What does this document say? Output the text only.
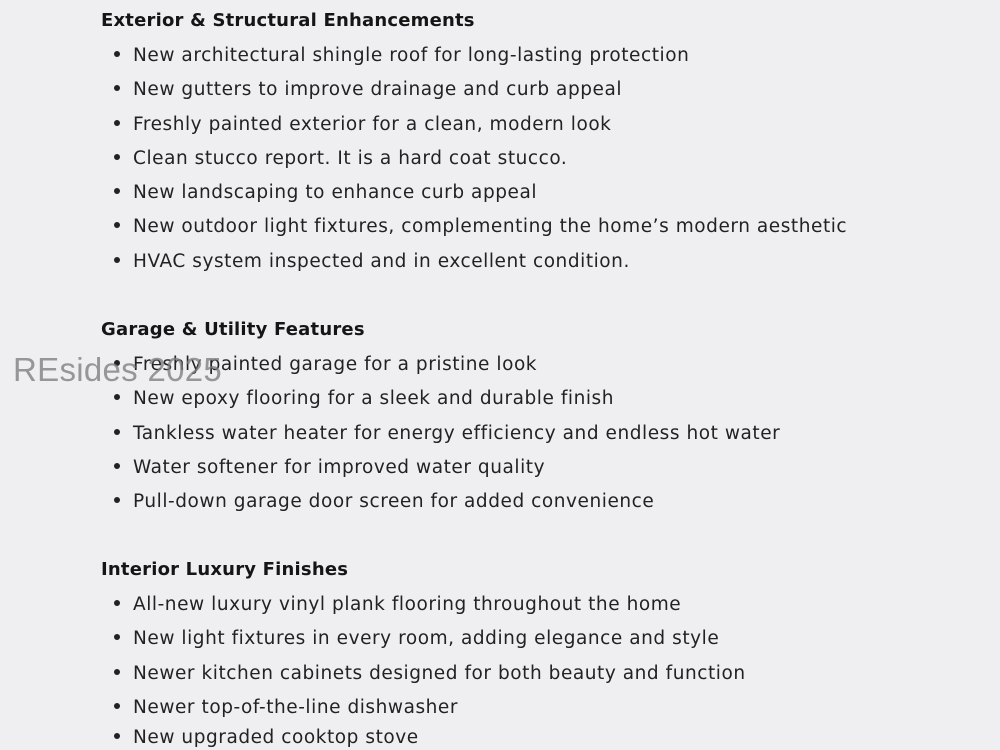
Exterior & Structural Enhancements
New architectural shingle roof for long-lasting protection
New gutters to improve drainage and curb appeal
Freshly painted exterior for a clean, modern look
Clean stucco report. It is a hard coat stucco.
New landscaping to enhance curb appeal
New outdoor light fixtures, complementing the home’s modern aesthetic
HVAC system inspected and in excellent condition.
Garage & Utility Features
Freshly painted garage for a pristine look
New epoxy flooring for a sleek and durable finish
Tankless water heater for energy efficiency and endless hot water
Water softener for improved water quality
Pull-down garage door screen for added convenience
Interior Luxury Finishes
All-new luxury vinyl plank flooring throughout the home
New light fixtures in every room, adding elegance and style
Newer kitchen cabinets designed for both beauty and function
Newer top-of-the-line dishwasher
New upgraded cooktop stove
REsides 2025
